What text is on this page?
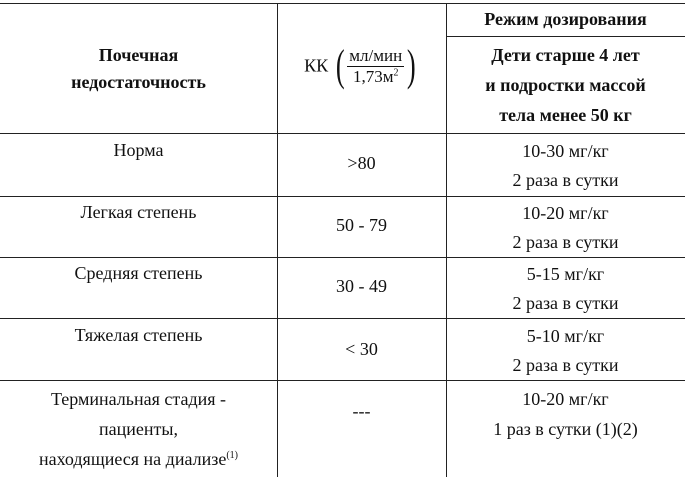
Почечная
недостаточность
КК ( $\frac{\text{мл/мин}}{1,73м^2}$ )
Режим дозирования
Дети старше 4 лет
и подростки массой
тела менее 50 кг
Норма
>80
10-30 мг/кг
2 раза в сутки
Легкая степень
50 - 79
10-20 мг/кг
2 раза в сутки
Средняя степень
30 - 49
5-15 мг/кг
2 раза в сутки
Тяжелая степень
< 30
5-10 мг/кг
2 раза в сутки
Терминальная стадия -
пациенты,
находящиеся на диализе$^{(1)}$
---
10-20 мг/кг
1 раз в сутки (1)(2)
